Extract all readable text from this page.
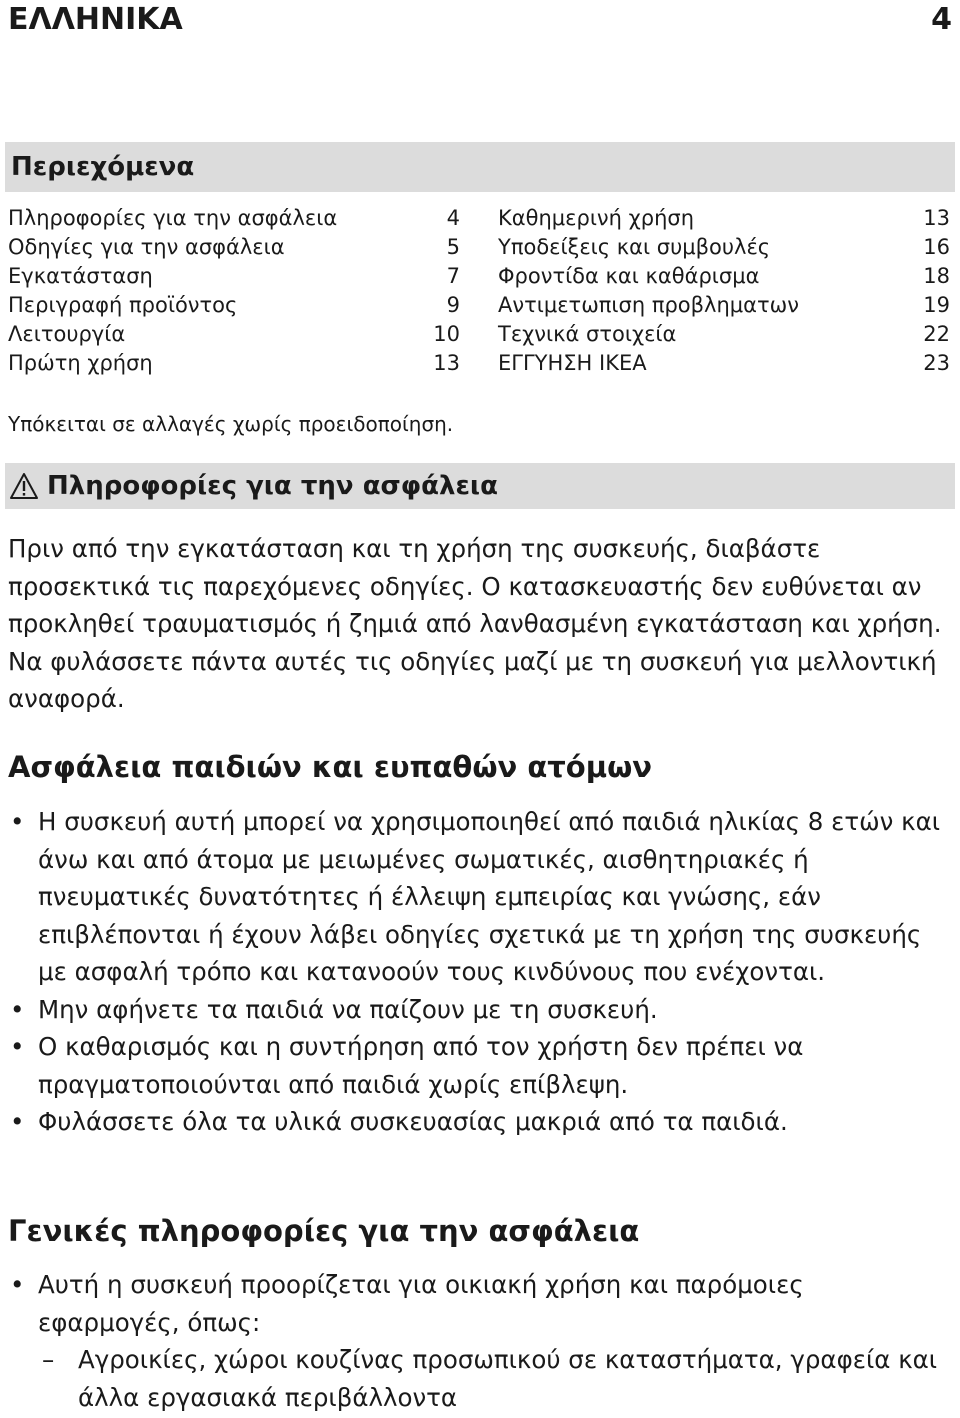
ΕΛΛΗΝΙΚΑ	4
Περιεχόμενα
Πληροφορίες για την ασφάλεια	4
Οδηγίες για την ασφάλεια	5
Εγκατάσταση	7
Περιγραφή προϊόντος	9
Λειτουργία	10
Πρώτη χρήση	13
Καθημερινή χρήση	13
Υποδείξεις και συμβουλές	16
Φροντίδα και καθάρισμα	18
Αντιμετωπιση προβληματων	19
Τεχνικά στοιχεία	22
ΕΓΓΥΗΣΗ IKEA	23
Υπόκειται σε αλλαγές χωρίς προειδοποίηση.
Πληροφορίες για την ασφάλεια
Πριν από την εγκατάσταση και τη χρήση της συσκευής, διαβάστε προσεκτικά τις παρεχόμενες οδηγίες. Ο κατασκευαστής δεν ευθύνεται αν προκληθεί τραυματισμός ή ζημιά από λανθασμένη εγκατάσταση και χρήση. Να φυλάσσετε πάντα αυτές τις οδηγίες μαζί με τη συσκευή για μελλοντική αναφορά.
Ασφάλεια παιδιών και ευπαθών ατόμων
• Η συσκευή αυτή μπορεί να χρησιμοποιηθεί από παιδιά ηλικίας 8 ετών και άνω και από άτομα με μειωμένες σωματικές, αισθητηριακές ή πνευματικές δυνατότητες ή έλλειψη εμπειρίας και γνώσης, εάν επιβλέπονται ή έχουν λάβει οδηγίες σχετικά με τη χρήση της συσκευής με ασφαλή τρόπο και κατανοούν τους κινδύνους που ενέχονται.
• Μην αφήνετε τα παιδιά να παίζουν με τη συσκευή.
• Ο καθαρισμός και η συντήρηση από τον χρήστη δεν πρέπει να πραγματοποιούνται από παιδιά χωρίς επίβλεψη.
• Φυλάσσετε όλα τα υλικά συσκευασίας μακριά από τα παιδιά.
Γενικές πληροφορίες για την ασφάλεια
• Αυτή η συσκευή προορίζεται για οικιακή χρήση και παρόμοιες εφαρμογές, όπως:
– Αγροικίες, χώροι κουζίνας προσωπικού σε καταστήματα, γραφεία και άλλα εργασιακά περιβάλλοντα
